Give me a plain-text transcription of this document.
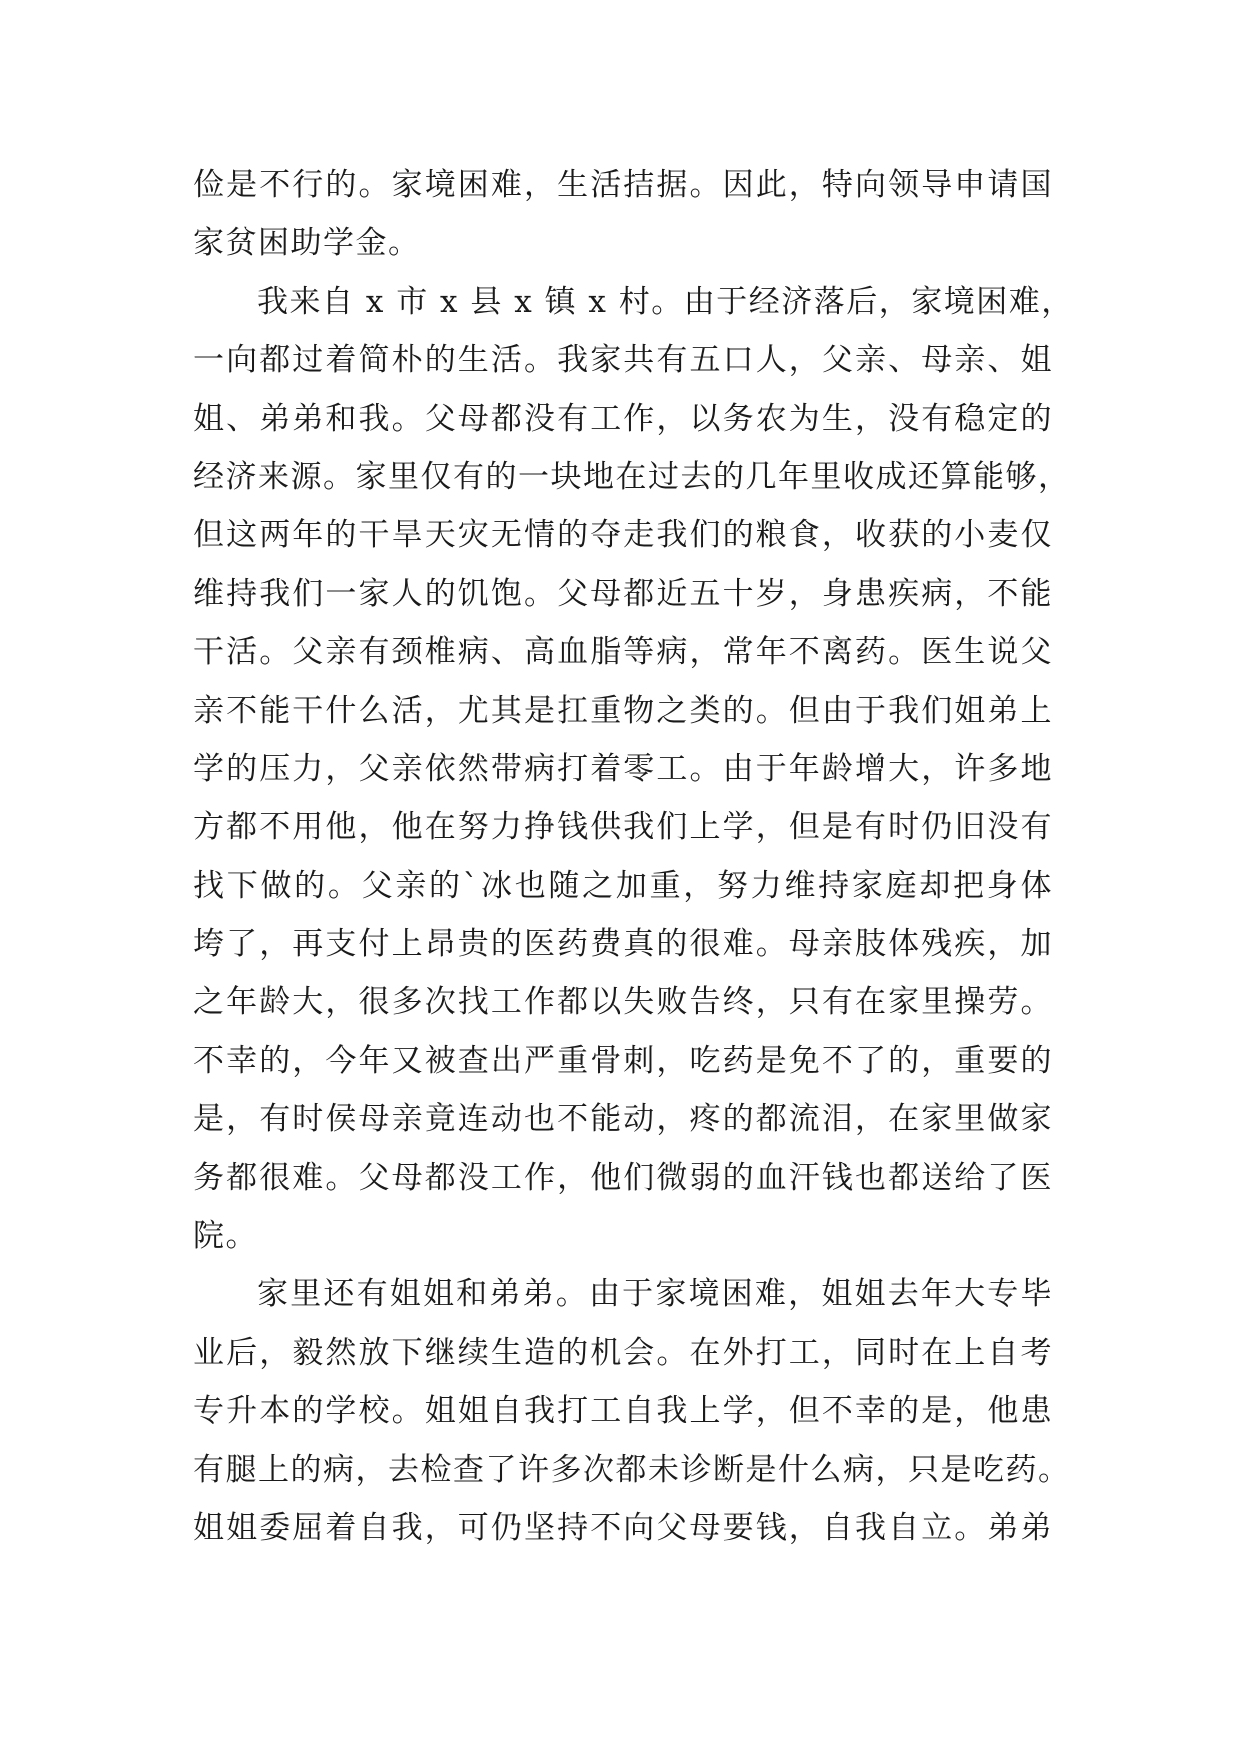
俭是不行的。家境困难，生活拮据。因此，特向领导申请国
家贫困助学金。
我来自 x 市 x 县 x 镇 x 村。由于经济落后，家境困难，
一向都过着简朴的生活。我家共有五口人，父亲、母亲、姐
姐、弟弟和我。父母都没有工作，以务农为生，没有稳定的
经济来源。家里仅有的一块地在过去的几年里收成还算能够，
但这两年的干旱天灾无情的夺走我们的粮食，收获的小麦仅
维持我们一家人的饥饱。父母都近五十岁，身患疾病，不能
干活。父亲有颈椎病、高血脂等病，常年不离药。医生说父
亲不能干什么活，尤其是扛重物之类的。但由于我们姐弟上
学的压力，父亲依然带病打着零工。由于年龄增大，许多地
方都不用他，他在努力挣钱供我们上学，但是有时仍旧没有
找下做的。父亲的`冰也随之加重，努力维持家庭却把身体
垮了，再支付上昂贵的医药费真的很难。母亲肢体残疾，加
之年龄大，很多次找工作都以失败告终，只有在家里操劳。
不幸的，今年又被查出严重骨刺，吃药是免不了的，重要的
是，有时侯母亲竟连动也不能动，疼的都流泪，在家里做家
务都很难。父母都没工作，他们微弱的血汗钱也都送给了医
院。
家里还有姐姐和弟弟。由于家境困难，姐姐去年大专毕
业后，毅然放下继续生造的机会。在外打工，同时在上自考
专升本的学校。姐姐自我打工自我上学，但不幸的是，他患
有腿上的病，去检查了许多次都未诊断是什么病，只是吃药。
姐姐委屈着自我，可仍坚持不向父母要钱，自我自立。弟弟
